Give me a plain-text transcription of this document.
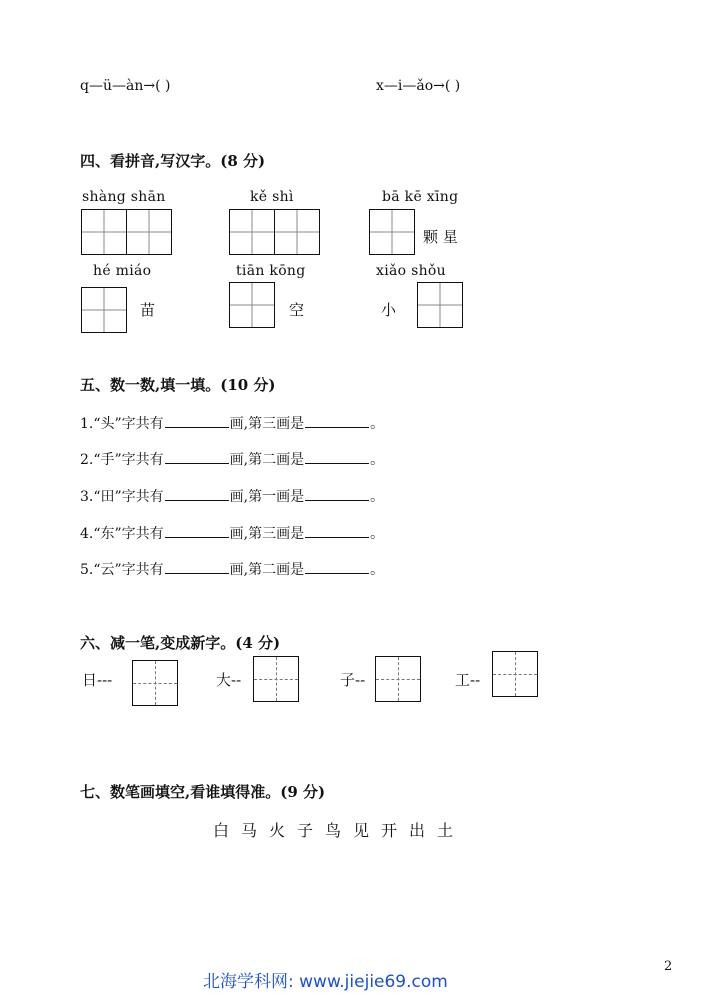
q—ü—àn→( )	x—i—ǎo→( )
四、看拼音,写汉字。(8 分)
shàng shān	kě shì	bā kē xīng
颗 星
hé miáo
苗
tiān kōng
空
xiǎo shǒu
小
五、数一数,填一填。(10 分)
1.“头”字共有	画,第三画是	。
2.“手”字共有	画,第二画是	。
3.“田”字共有	画,第一画是	。
4.“东”字共有	画,第三画是	。
5.“云”字共有	画,第二画是	。
六、减一笔,变成新字。(4 分)
日---	大--	子--	工--
七、数笔画填空,看谁填得准。(9 分)
白 马 火 子 鸟 见 开 出 土
2
北海学科网: www.jiejie69.com
